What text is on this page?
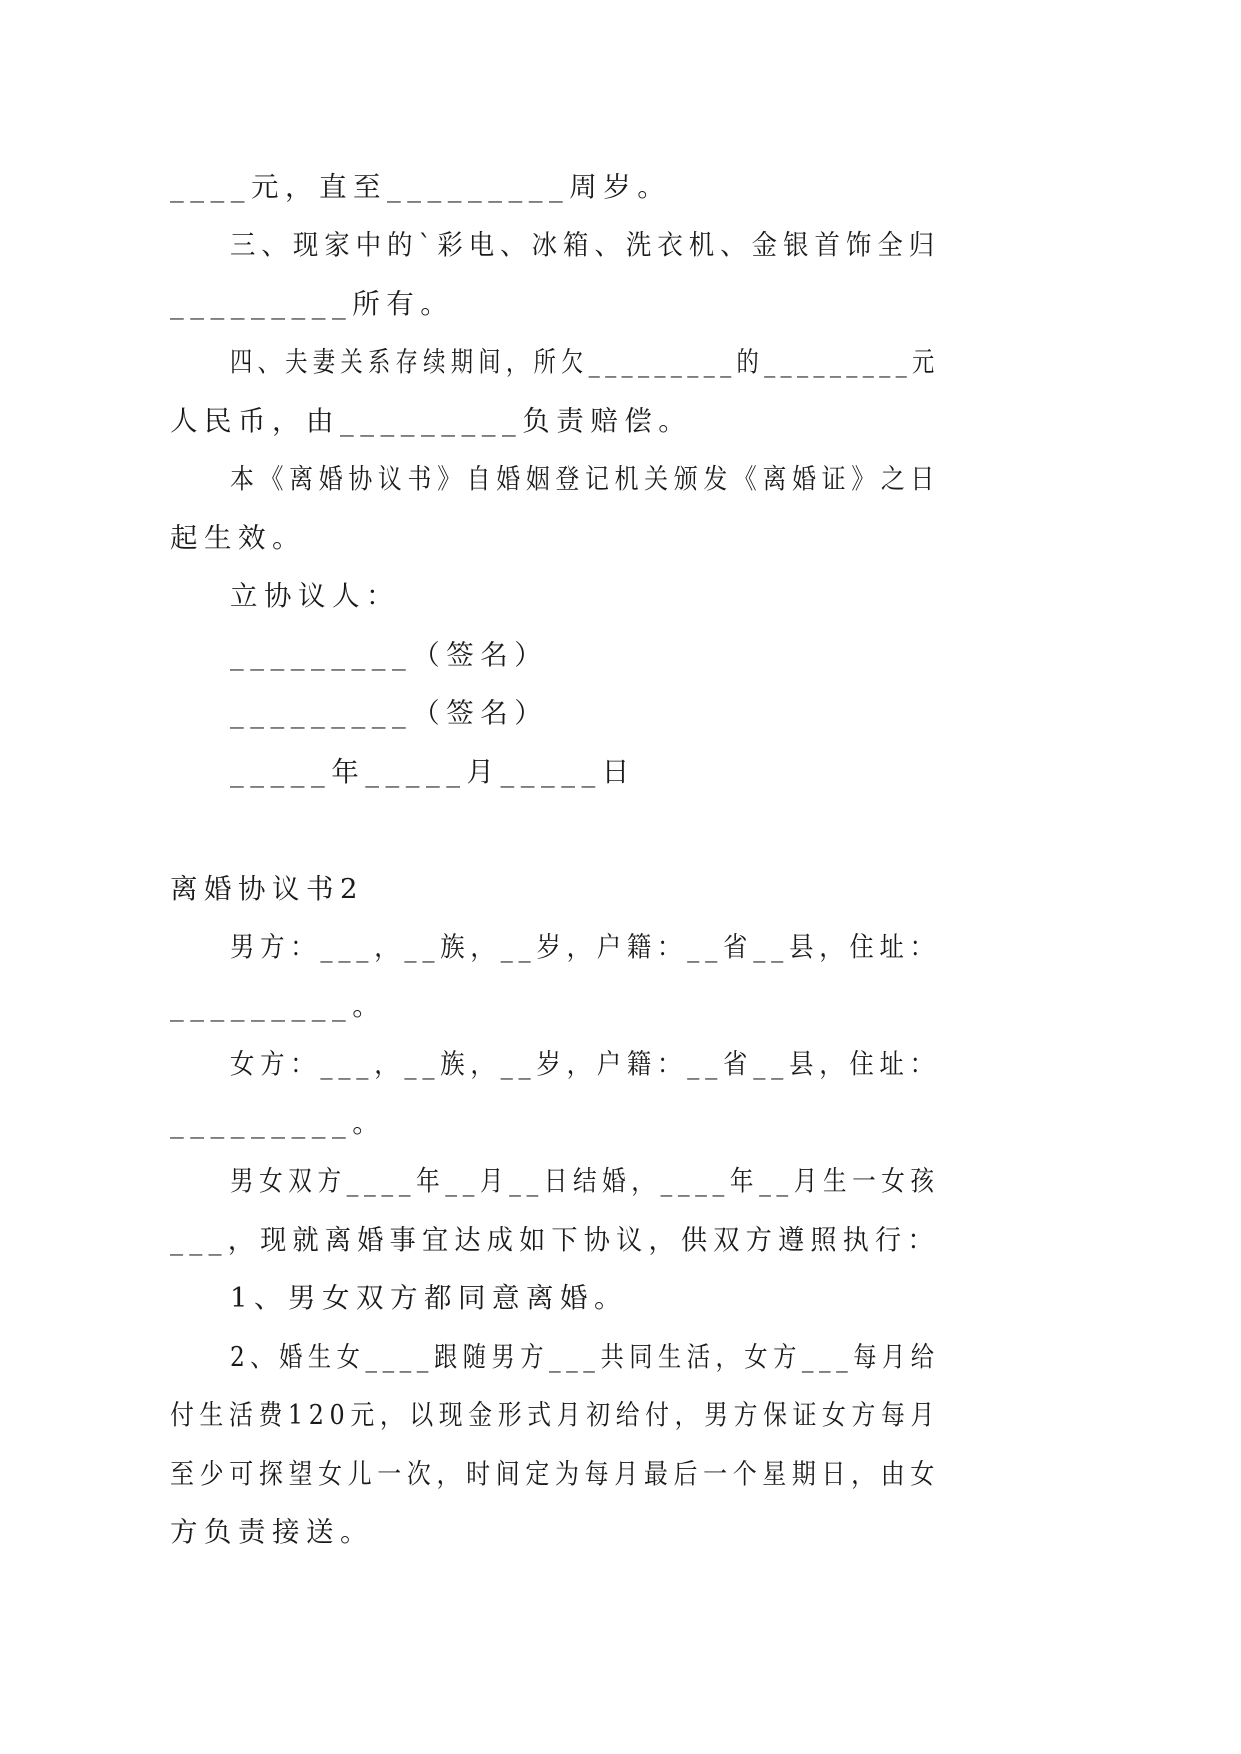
____元，直至_________周岁。
三、现家中的`彩电、冰箱、洗衣机、金银首饰全归
_________所有。
四、夫妻关系存续期间，所欠_________的_________元
人民币，由_________负责赔偿。
本《离婚协议书》自婚姻登记机关颁发《离婚证》之日
起生效。
立协议人：
_________（签名）
_________（签名）
_____年_____月_____日
离婚协议书2
男方：___，__族，__岁，户籍：__省__县，住址：
_________。
女方：___，__族，__岁，户籍：__省__县，住址：
_________。
男女双方____年__月__日结婚，____年__月生一女孩
___，现就离婚事宜达成如下协议，供双方遵照执行：
1、男女双方都同意离婚。
2、婚生女____跟随男方___共同生活，女方___每月给
付生活费120元，以现金形式月初给付，男方保证女方每月
至少可探望女儿一次，时间定为每月最后一个星期日，由女
方负责接送。
